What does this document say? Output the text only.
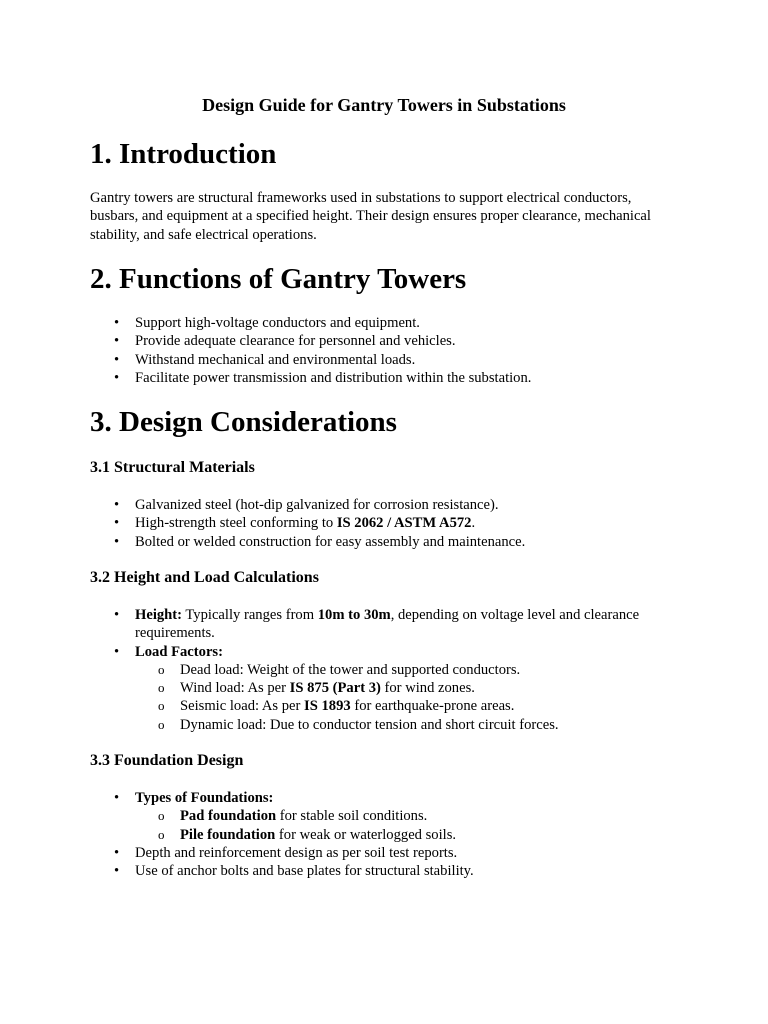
Design Guide for Gantry Towers in Substations
1. Introduction

Gantry towers are structural frameworks used in substations to support electrical conductors, busbars, and equipment at a specified height. Their design ensures proper clearance, mechanical stability, and safe electrical operations.

2. Functions of Gantry Towers
• Support high-voltage conductors and equipment.
• Provide adequate clearance for personnel and vehicles.
• Withstand mechanical and environmental loads.
• Facilitate power transmission and distribution within the substation.
3. Design Considerations
3.1 Structural Materials
• Galvanized steel (hot-dip galvanized for corrosion resistance).
• High-strength steel conforming to IS 2062 / ASTM A572.
• Bolted or welded construction for easy assembly and maintenance.
3.2 Height and Load Calculations
• Height: Typically ranges from 10m to 30m, depending on voltage level and clearance requirements.
• Load Factors:
o Dead load: Weight of the tower and supported conductors.
o Wind load: As per IS 875 (Part 3) for wind zones.
o Seismic load: As per IS 1893 for earthquake-prone areas.
o Dynamic load: Due to conductor tension and short circuit forces.
3.3 Foundation Design
• Types of Foundations:
o Pad foundation for stable soil conditions.
o Pile foundation for weak or waterlogged soils.
• Depth and reinforcement design as per soil test reports.
• Use of anchor bolts and base plates for structural stability.
